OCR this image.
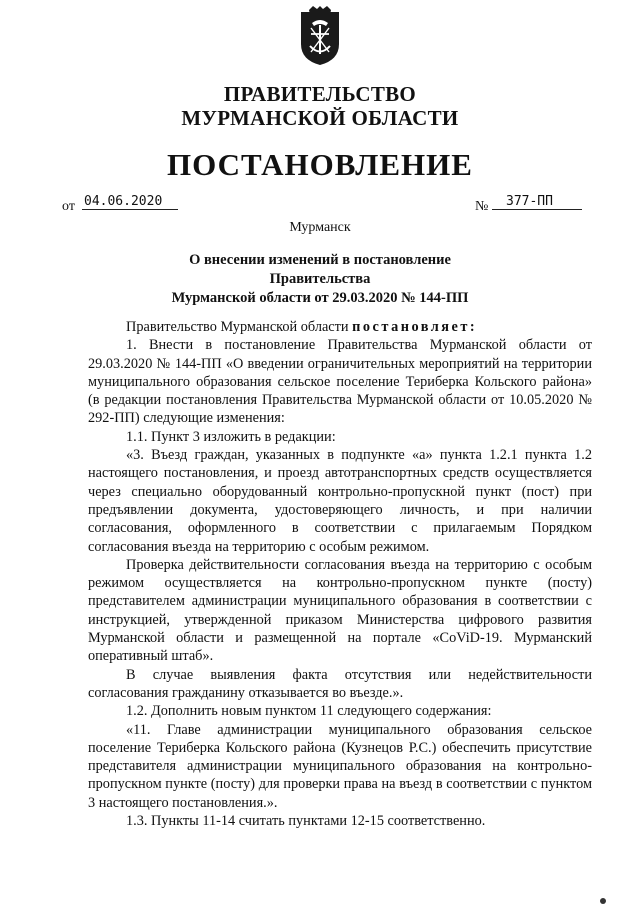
ПРАВИТЕЛЬСТВО
МУРМАНСКОЙ ОБЛАСТИ
ПОСТАНОВЛЕНИЕ
от 04.06.2020	№	377-ПП
Мурманск
О внесении изменений в постановление Правительства
Мурманской области от 29.03.2020 № 144-ПП

Правительство Мурманской области постановляет:

1. Внести в постановление Правительства Мурманской области от 29.03.2020 № 144-ПП «О введении ограничительных мероприятий на территории муниципального образования сельское поселение Териберка Кольского района» (в редакции постановления Правительства Мурманской области от 10.05.2020 № 292-ПП) следующие изменения:

1.1. Пункт 3 изложить в редакции:

«3. Въезд граждан, указанных в подпункте «а» пункта 1.2.1 пункта 1.2 настоящего постановления, и проезд автотранспортных средств осуществляется через специально оборудованный контрольно-пропускной пункт (пост) при предъявлении документа, удостоверяющего личность, и при наличии согласования, оформленного в соответствии с прилагаемым Порядком согласования въезда на территорию с особым режимом.

Проверка действительности согласования въезда на территорию с особым режимом осуществляется на контрольно-пропускном пункте (посту) представителем администрации муниципального образования в соответствии с инструкцией, утвержденной приказом Министерства цифрового развития Мурманской области и размещенной на портале «CoViD-19. Мурманский оперативный штаб».

В случае выявления факта отсутствия или недействительности согласования гражданину отказывается во въезде.».

1.2. Дополнить новым пунктом 11 следующего содержания:

«11. Главе администрации муниципального образования сельское поселение Териберка Кольского района (Кузнецов Р.С.) обеспечить присутствие представителя администрации муниципального образования на контрольно-пропускном пункте (посту) для проверки права на въезд в соответствии с пунктом 3 настоящего постановления.».

1.3. Пункты 11-14 считать пунктами 12-15 соответственно.
